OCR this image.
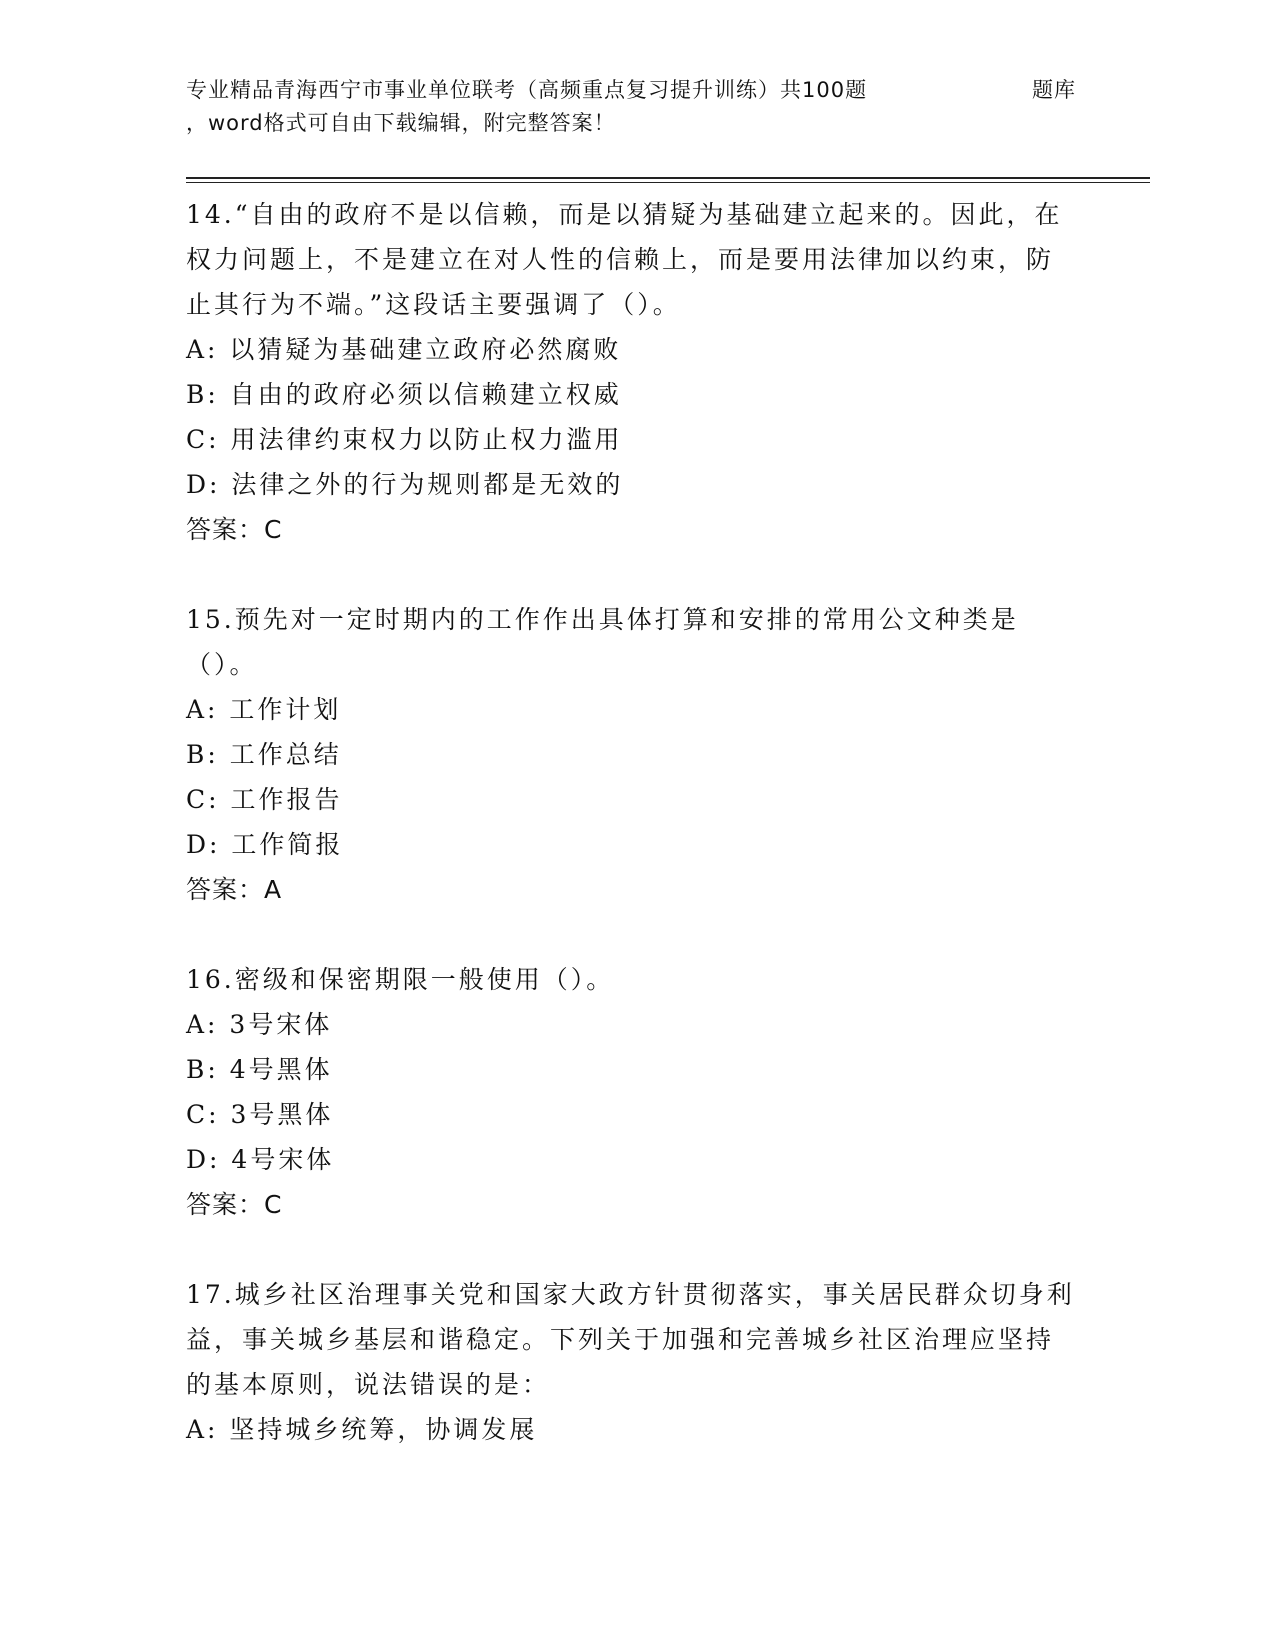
专业精品青海西宁市事业单位联考（高频重点复习提升训练）共100题	题库
，word格式可自由下载编辑，附完整答案！

14.“自由的政府不是以信赖，而是以猜疑为基础建立起来的。因此，在权力问题上，不是建立在对人性的信赖上，而是要用法律加以约束，防止其行为不端。”这段话主要强调了（）。

A: 以猜疑为基础建立政府必然腐败

B: 自由的政府必须以信赖建立权威

C: 用法律约束权力以防止权力滥用

D: 法律之外的行为规则都是无效的

答案：C

15.预先对一定时期内的工作作出具体打算和安排的常用公文种类是（）。

A: 工作计划

B: 工作总结

C: 工作报告

D: 工作简报

答案：A

16.密级和保密期限一般使用（）。

A: 3号宋体

B: 4号黑体

C: 3号黑体

D: 4号宋体

答案：C

17.城乡社区治理事关党和国家大政方针贯彻落实，事关居民群众切身利益，事关城乡基层和谐稳定。下列关于加强和完善城乡社区治理应坚持的基本原则，说法错误的是：

A: 坚持城乡统筹，协调发展
